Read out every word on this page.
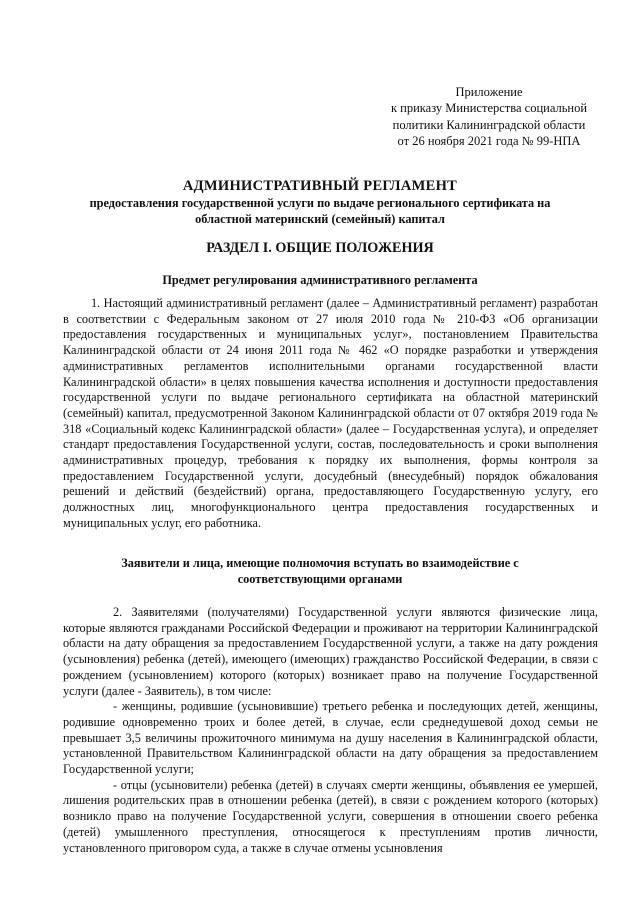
Приложение
к приказу Министерства социальной
политики Калининградской области
от 26 ноября 2021 года № 99-НПА
АДМИНИСТРАТИВНЫЙ РЕГЛАМЕНТ
предоставления государственной услуги по выдаче регионального сертификата на
областной материнский (семейный) капитал
РАЗДЕЛ I. ОБЩИЕ ПОЛОЖЕНИЯ
Предмет регулирования административного регламента

1. Настоящий административный регламент (далее – Административный регламент) разработан в соответствии с Федеральным законом от 27 июля 2010 года № 210-ФЗ «Об организации предоставления государственных и муниципальных услуг», постановлением Правительства Калининградской области от 24 июня 2011 года № 462 «О порядке разработки и утверждения административных регламентов исполнительными органами государственной власти Калининградской области» в целях повышения качества исполнения и доступности предоставления государственной услуги по выдаче регионального сертификата на областной материнский (семейный) капитал, предусмотренной Законом Калининградской области от 07 октября 2019 года № 318 «Социальный кодекс Калининградской области» (далее – Государственная услуга), и определяет стандарт предоставления Государственной услуги, состав, последовательность и сроки выполнения административных процедур, требования к порядку их выполнения, формы контроля за предоставлением Государственной услуги, досудебный (внесудебный) порядок обжалования решений и действий (бездействий) органа, предоставляющего Государственную услугу, его должностных лиц, многофункционального центра предоставления государственных и муниципальных услуг, его работника.

Заявители и лица, имеющие полномочия вступать во взаимодействие с
соответствующими органами

2. Заявителями (получателями) Государственной услуги являются физические лица, которые являются гражданами Российской Федерации и проживают на территории Калининградской области на дату обращения за предоставлением Государственной услуги, а также на дату рождения (усыновления) ребенка (детей), имеющего (имеющих) гражданство Российской Федерации, в связи с рождением (усыновлением) которого (которых) возникает право на получение Государственной услуги (далее - Заявитель), в том числе:

- женщины, родившие (усыновившие) третьего ребенка и последующих детей, женщины, родившие одновременно троих и более детей, в случае, если среднедушевой доход семьи не превышает 3,5 величины прожиточного минимума на душу населения в Калининградской области, установленной Правительством Калининградской области на дату обращения за предоставлением Государственной услуги;

- отцы (усыновители) ребенка (детей) в случаях смерти женщины, объявления ее умершей, лишения родительских прав в отношении ребенка (детей), в связи с рождением которого (которых) возникло право на получение Государственной услуги, совершения в отношении своего ребенка (детей) умышленного преступления, относящегося к преступлениям против личности, установленного приговором суда, а также в случае отмены усыновления
